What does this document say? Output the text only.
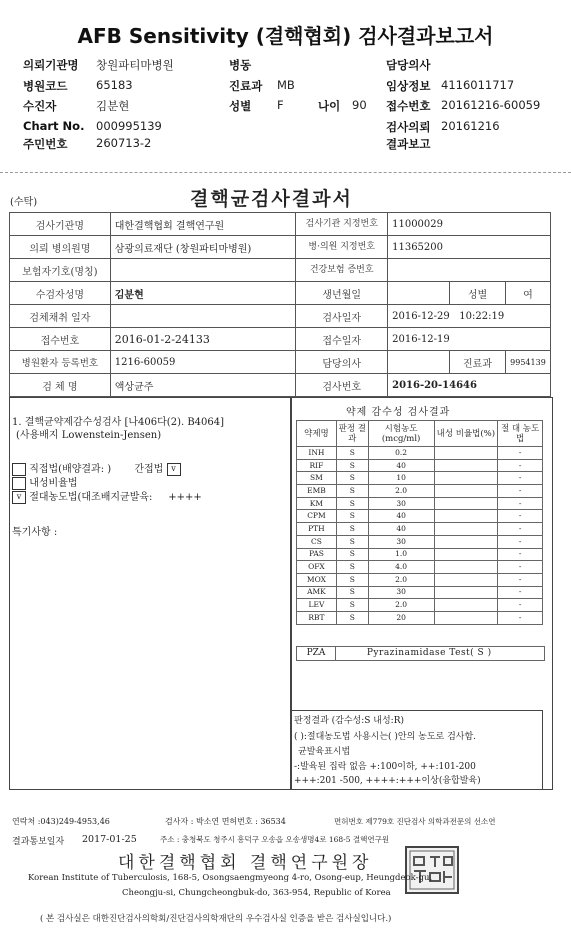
AFB Sensitivity (결핵협회) 검사결과보고서
의뢰기관명 창원파티마병원
병원코드 65183
수진자	김분현
Chart No. 000995139
주민번호 260713-2
병동
진료과 MB
성별 F	나이 90
담당의사
임상정보 4116011717
접수번호 20161216-60059
검사의뢰 20161216
결과보고
(수탁)	결핵균검사결과서
검사기관명	대한결핵협회 결핵연구원	검사기관 지정번호	11000029		
의뢰 병의원명	삼광의료재단 (창원파티마병원)	병·의원 지정번호	11365200		
보험자기호(명칭)		건강보험 증번호			
수검자성명	김분현	생년월일		성별	여
검체채취 일자		검사일자	2016-12-29   10:22:19		
접수번호	2016-01-2-24133	접수일자	2016-12-19		
병원환자 등록번호	1216-60059	담당의사		진료과	9954139
검 체 명	액상균주	검사번호	2016-20-14646		
1. 결핵균약제감수성검사 [나406다(2). B4064]
(사용배지 Lowenstein-Jensen)
직접법(배양결과: ) 간접법 v
내성비율법
v 절대농도법(대조배지균발육:     ++++
특기사항 :
약제 감수성 검사결과
약제명	판정 결과	시험농도 (mcg/ml)	내성 비율법(%)	절 대 농도법
INH	S	0.2		-
RIF	S	40		-
SM	S	10		-
EMB	S	2.0		-
KM	S	30		-
CPM	S	40		-
PTH	S	40		-
CS	S	30		-
PAS	S	1.0		-
OFX	S	4.0		-
MOX	S	2.0		-
AMK	S	30		-
LEV	S	2.0		-
RBT	S	20		-
PZA	Pyrazinamidase Test( S )
판정결과 (감수성:S 내성:R)
( ):절대농도법 사용시는( )안의 농도로 검사함.
균발육표시법
-:발육된 집락 없음 +:100이하, ++:101-200
+++:201 -500, ++++:+++이상(융합발육)
연락처 :043)249-4953,46	검사자 : 박소연 면허번호 : 36534	면허번호 제779호 진단검사 의학과전문의 선소연
결과통보일자 2017-01-25	주소 : 충청북도 청주시 흥덕구 오송읍 오송생명4로 168-5 결핵연구원
대한결핵협회 결핵연구원장
Korean Institute of Tuberculosis, 168-5, Osongsaengmyeong 4-ro, Osong-eup, Heungdeok-gu,
Cheongju-si, Chungcheongbuk-do, 363-954, Republic of Korea
( 본 검사실은 대한진단검사의학회/진단검사의학재단의 우수검사실 인증을 받은 검사실입니다.)
